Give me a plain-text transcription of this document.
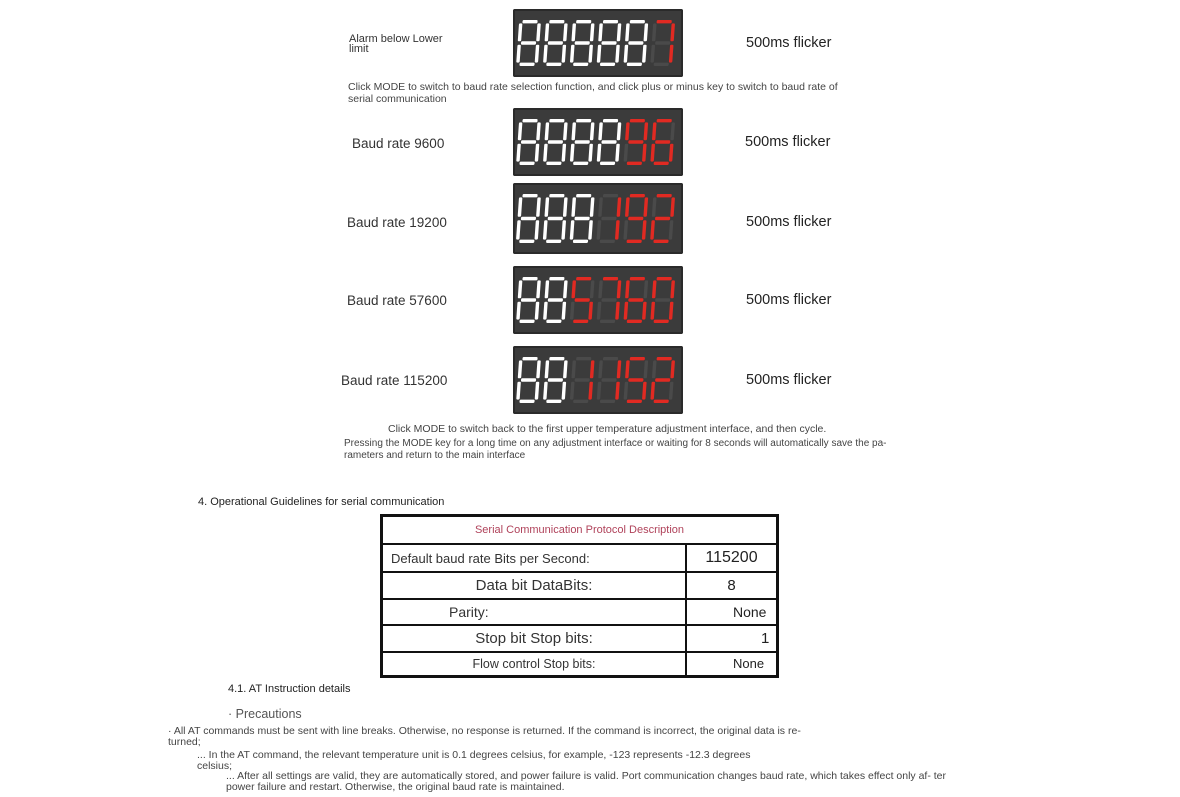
Alarm below Lower limit	500ms flicker
Click MODE to switch to baud rate selection function, and click plus or minus key to switch to baud rate of serial communication
Baud rate 9600	500ms flicker
Baud rate 19200	500ms flicker
Baud rate 57600	500ms flicker
Baud rate 115200	500ms flicker
Click MODE to switch back to the first upper temperature adjustment interface, and then cycle.
Pressing the MODE key for a long time on any adjustment interface or waiting for 8 seconds will automatically save the pa- rameters and return to the main interface
4. Operational Guidelines for serial communication
Serial Communication Protocol Description	
Default baud rate Bits per Second:	115200
Data bit DataBits:	8
Parity:	None
Stop bit Stop bits:	1
Flow control Stop bits:	None
4.1. AT Instruction details
· Precautions
· All AT commands must be sent with line breaks. Otherwise, no response is returned. If the command is incorrect, the original data is re- turned;
... In the AT command, the relevant temperature unit is 0.1 degrees celsius, for example, -123 represents -12.3 degrees celsius;
... After all settings are valid, they are automatically stored, and power failure is valid. Port communication changes baud rate, which takes effect only af- ter power failure and restart. Otherwise, the original baud rate is maintained.
